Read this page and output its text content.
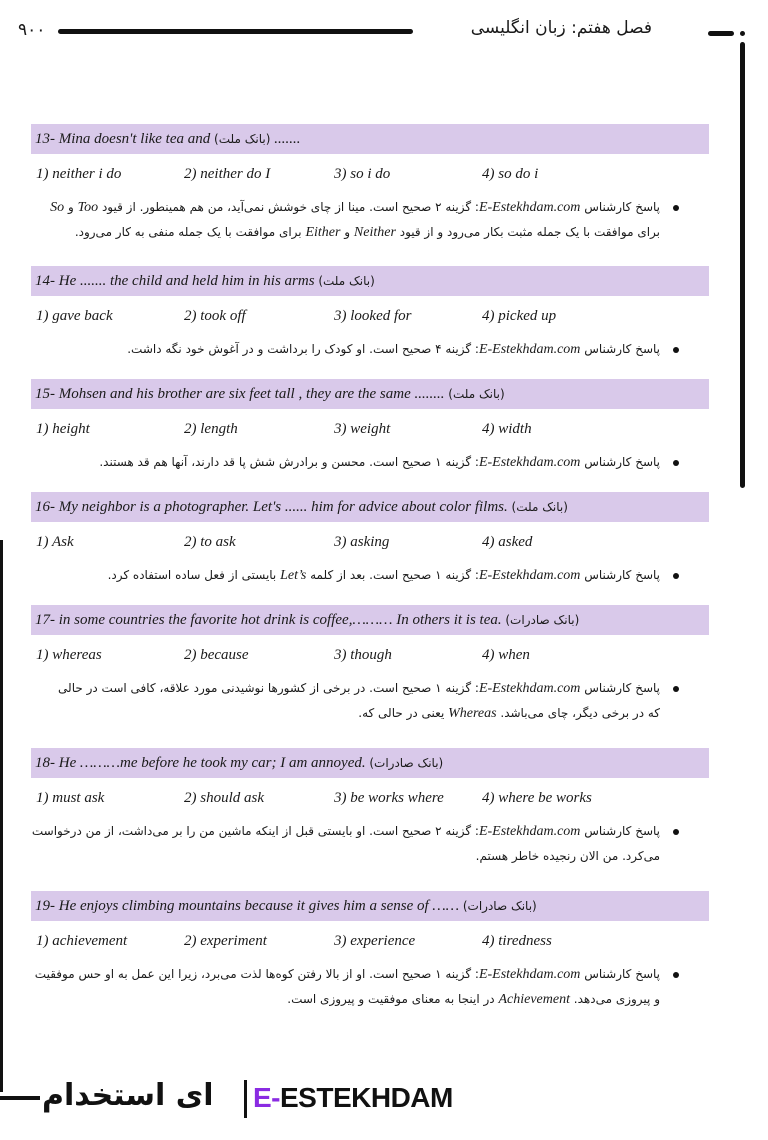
۹۰۰	فصل هفتم: زبان انگلیسی
13- Mina doesn't like tea and (بانک ملت) .......
1) neither i do	2) neither do I	3) so i do	4) so do i
پاسخ کارشناس E-Estekhdam.com: گزینه ۲ صحیح است. مینا از چای خوشش نمی‌آید، من هم همینطور. از قیود Too و So
برای موافقت با یک جمله مثبت بکار می‌رود و از قیود Neither و Either برای موافقت با یک جمله منفی به کار می‌رود.
14- He ....... the child and held him in his arms (بانک ملت)
1) gave back	2) took off	3) looked for	4) picked up
پاسخ کارشناس E-Estekhdam.com: گزینه ۴ صحیح است. او کودک را برداشت و در آغوش خود نگه داشت.
15- Mohsen and his brother are six feet tall , they are the same ........ (بانک ملت)
1) height	2) length	3) weight	4) width
پاسخ کارشناس E-Estekhdam.com: گزینه ۱ صحیح است. محسن و برادرش شش پا قد دارند، آنها هم قد هستند.
16- My neighbor is a photographer. Let's ...... him for advice about color films. (بانک ملت)
1) Ask	2) to ask	3) asking	4) asked
پاسخ کارشناس E-Estekhdam.com: گزینه ۱ صحیح است. بعد از کلمه Let’s بایستی از فعل ساده استفاده کرد.
17- in some countries the favorite hot drink is coffee,……… In others it is tea. (بانک صادرات)
1) whereas	2) because	3) though	4) when
پاسخ کارشناس E-Estekhdam.com: گزینه ۱ صحیح است. در برخی از کشورها نوشیدنی مورد علاقه، کافی است در حالی
که در برخی دیگر، چای می‌باشد. Whereas یعنی در حالی که.
18- He ………me before he took my car; I am annoyed. (بانک صادرات)
1) must ask	2) should ask	3) be works where	4) where be works
پاسخ کارشناس E-Estekhdam.com: گزینه ۲ صحیح است. او بایستی قبل از اینکه ماشین من را بر می‌داشت، از من درخواست
می‌کرد. من الان رنجیده خاطر هستم.
19- He enjoys climbing mountains because it gives him a sense of …… (بانک صادرات)
1) achievement	2) experiment	3) experience	4) tiredness
پاسخ کارشناس E-Estekhdam.com: گزینه ۱ صحیح است. او از بالا رفتن کوه‌ها لذت می‌برد، زیرا این عمل به او حس موفقیت
و پیروزی می‌دهد. Achievement در اینجا به معنای موفقیت و پیروزی است.
ای استخدام E-ESTEKHDAM
